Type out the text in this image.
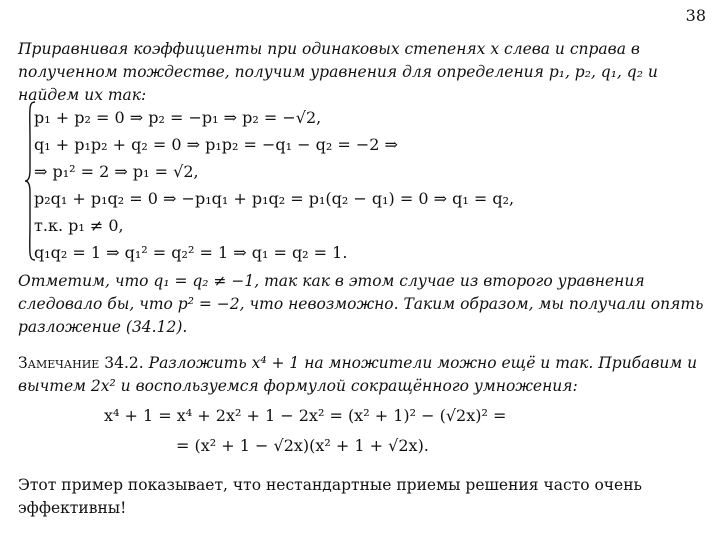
38
Приравнивая коэффициенты при одинаковых степенях x слева и справа в полученном тождестве, получим уравнения для определения p₁, p₂, q₁, q₂ и найдем их так:
p₁ + p₂ = 0 ⇒ p₂ = −p₁ ⇒ p₂ = −√2,
q₁ + p₁p₂ + q₂ = 0 ⇒ p₁p₂ = −q₁ − q₂ = −2 ⇒
⇒ p₁² = 2 ⇒ p₁ = √2,
p₂q₁ + p₁q₂ = 0 ⇒ −p₁q₁ + p₁q₂ = p₁(q₂ − q₁) = 0 ⇒ q₁ = q₂,
т.к. p₁ ≠ 0,
q₁q₂ = 1 ⇒ q₁² = q₂² = 1 ⇒ q₁ = q₂ = 1.
Отметим, что q₁ = q₂ ≠ −1, так как в этом случае из второго уравнения следовало бы, что p² = −2, что невозможно. Таким образом, мы получали опять разложение (34.12).
Замечание 34.2. Разложить x⁴ + 1 на множители можно ещё и так. Прибавим и вычтем 2x² и воспользуемся формулой сокращённого умножения:
x⁴ + 1 = x⁴ + 2x² + 1 − 2x² = (x² + 1)² − (√2x)² =
= (x² + 1 − √2x)(x² + 1 + √2x).
Этот пример показывает, что нестандартные приемы решения часто очень эффективны!
